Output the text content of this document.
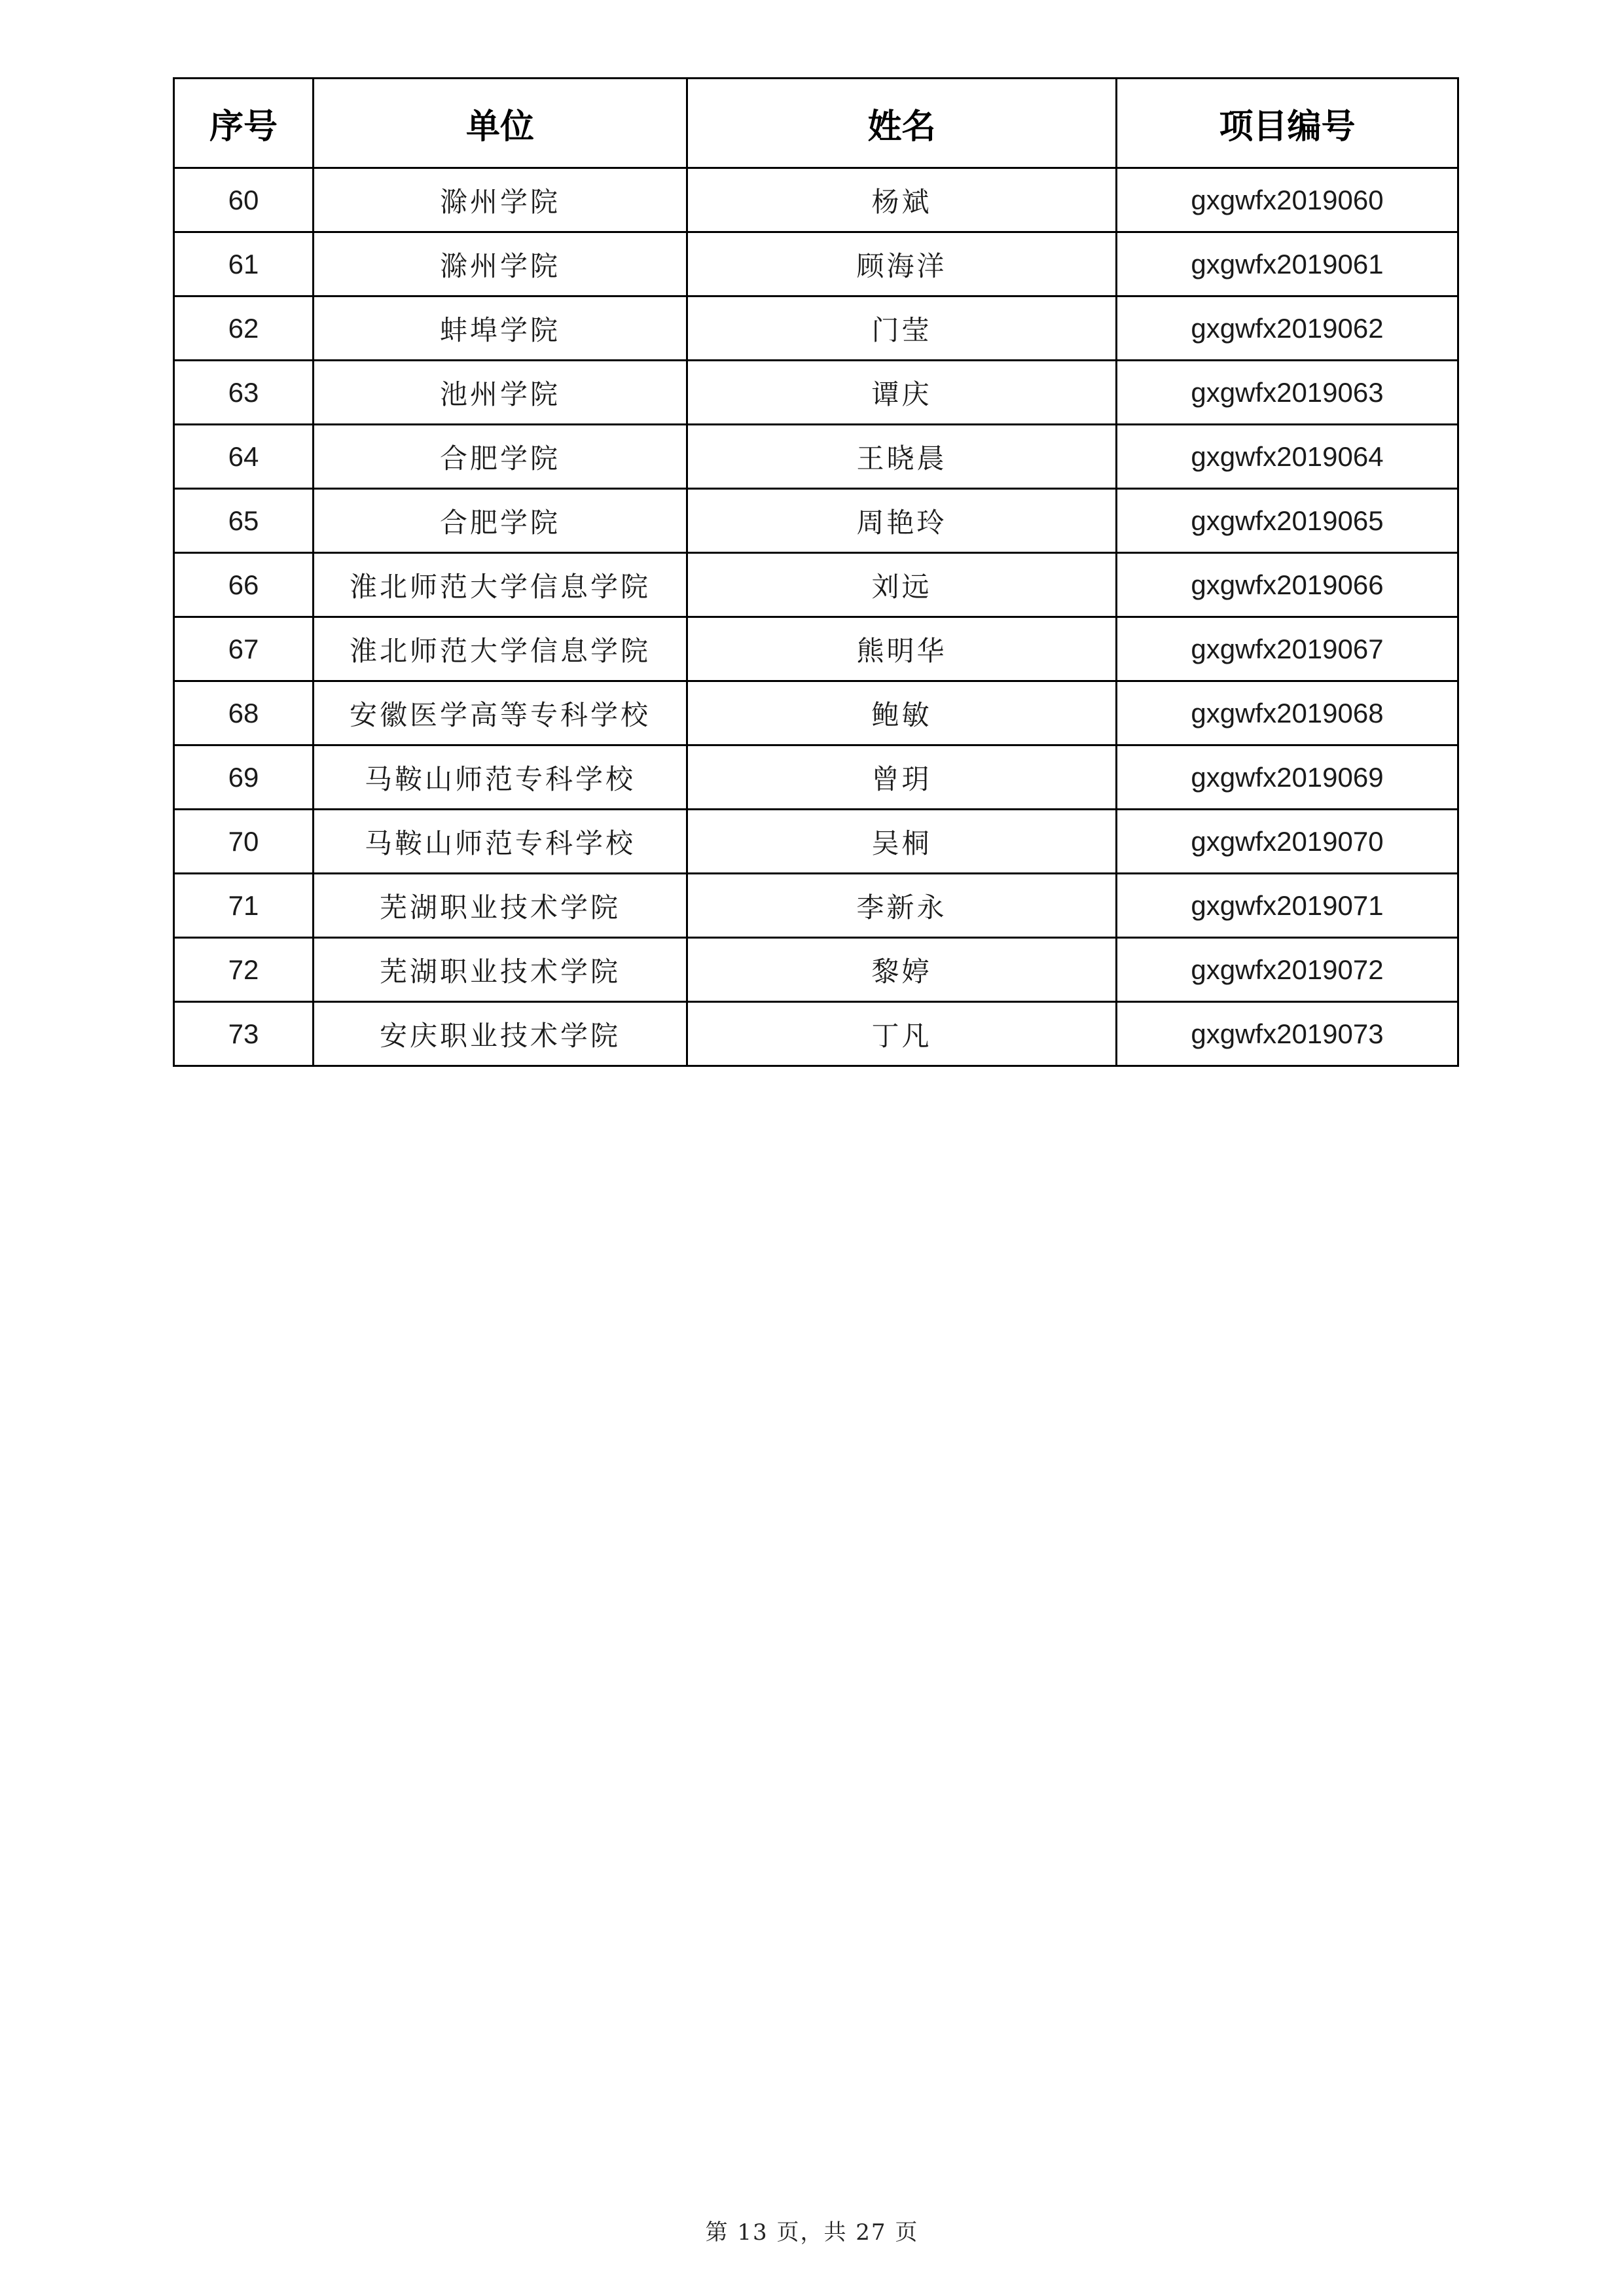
序号	单位	姓名	项目编号
60	滁州学院	杨斌	gxgwfx2019060
61	滁州学院	顾海洋	gxgwfx2019061
62	蚌埠学院	门莹	gxgwfx2019062
63	池州学院	谭庆	gxgwfx2019063
64	合肥学院	王晓晨	gxgwfx2019064
65	合肥学院	周艳玲	gxgwfx2019065
66	淮北师范大学信息学院	刘远	gxgwfx2019066
67	淮北师范大学信息学院	熊明华	gxgwfx2019067
68	安徽医学高等专科学校	鲍敏	gxgwfx2019068
69	马鞍山师范专科学校	曾玥	gxgwfx2019069
70	马鞍山师范专科学校	吴桐	gxgwfx2019070
71	芜湖职业技术学院	李新永	gxgwfx2019071
72	芜湖职业技术学院	黎婷	gxgwfx2019072
73	安庆职业技术学院	丁凡	gxgwfx2019073
第 13 页，共 27 页
